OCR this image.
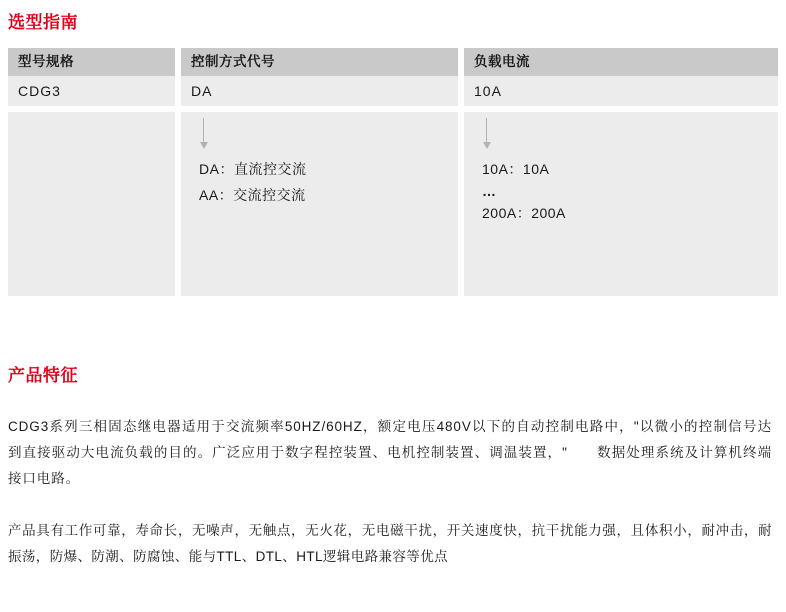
选型指南
型号规格
CDG3
控制方式代号
DA
DA：直流控交流
AA：交流控交流
负载电流
10A
10A：10A
…
200A：200A
产品特征

CDG3系列三相固态继电器适用于交流频率50HZ/60HZ，额定电压480V以下的自动控制电路中，"以微小的控制信号达到直接驱动大电流负载的目的。广泛应用于数字程控装置、电机控制装置、调温装置，"　　数据处理系统及计算机终端接口电路。

产品具有工作可靠，寿命长，无噪声，无触点，无火花，无电磁干扰，开关速度快，抗干扰能力强，且体积小，耐冲击，耐振荡，防爆、防潮、防腐蚀、能与TTL、DTL、HTL逻辑电路兼容等优点
